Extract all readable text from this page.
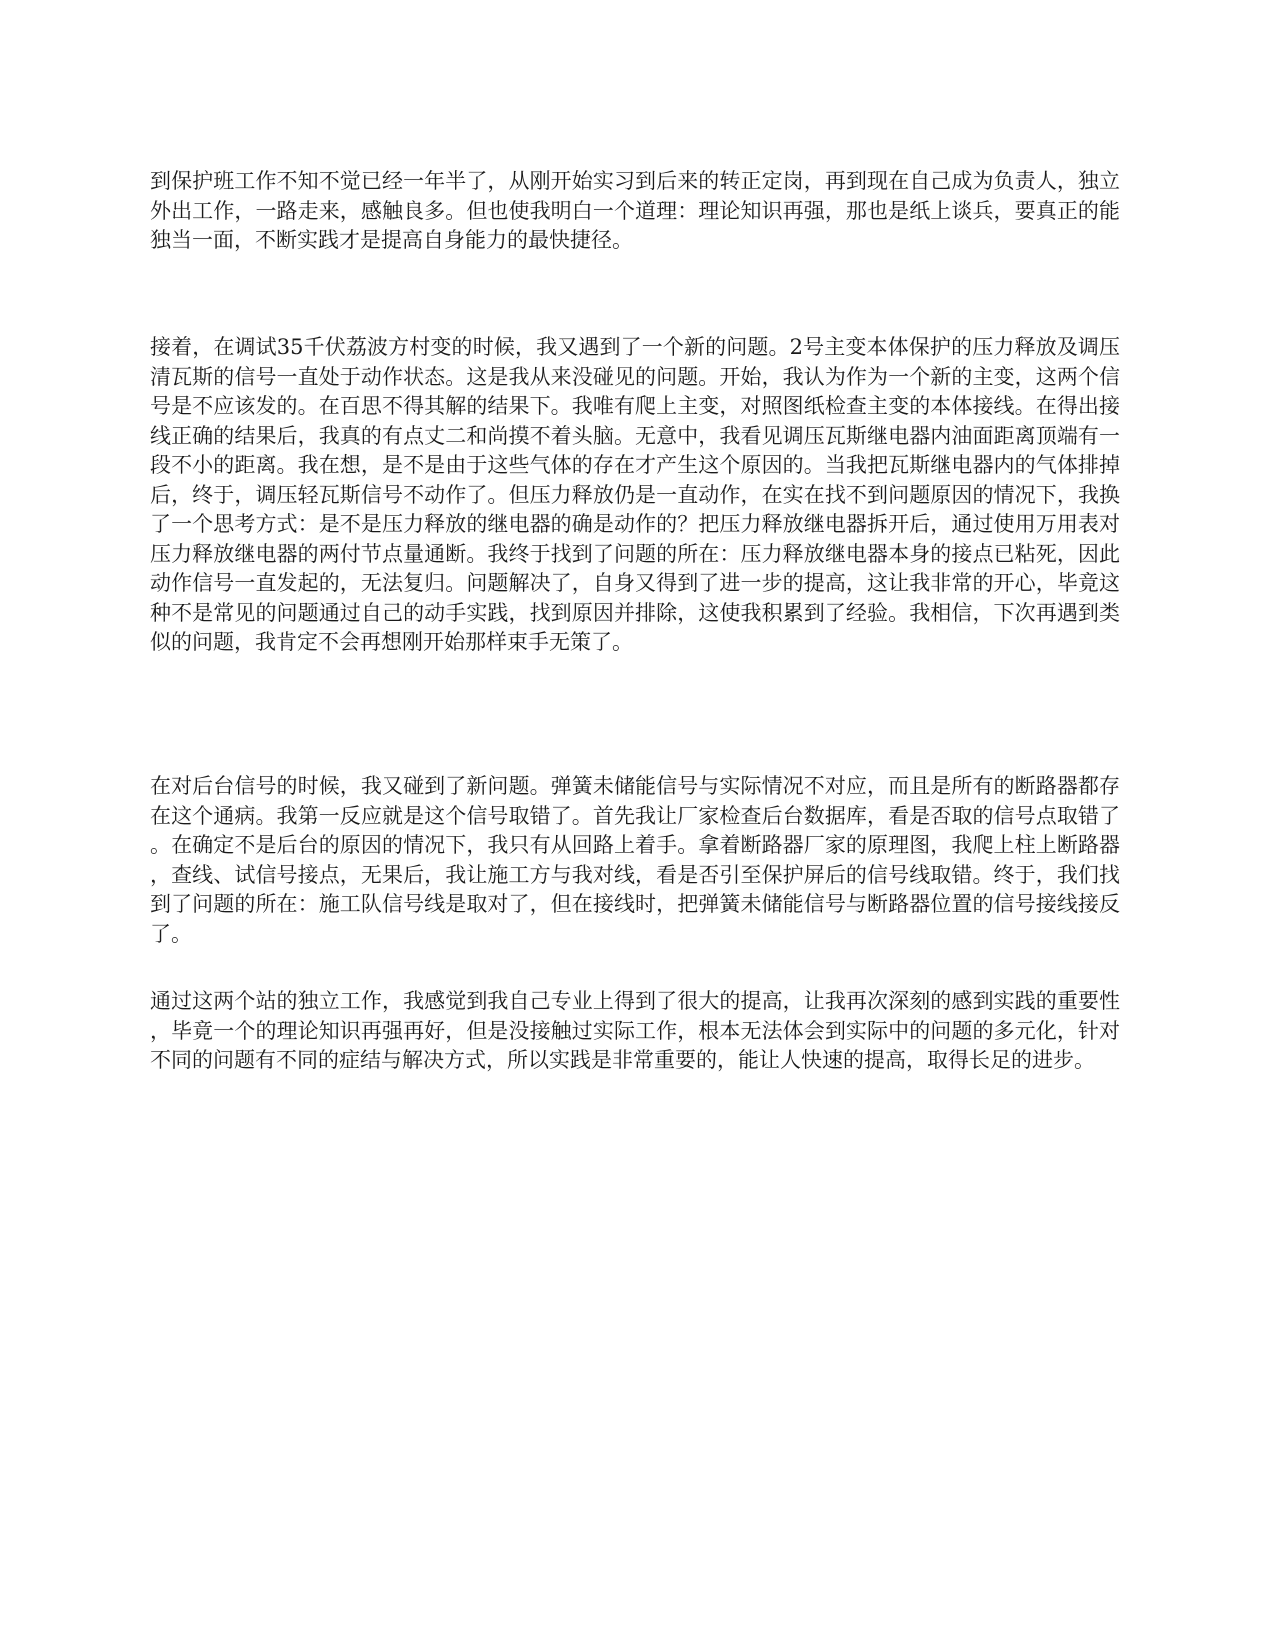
到保护班工作不知不觉已经一年半了，从刚开始实习到后来的转正定岗，再到现在自己成为负责人，独立外出工作，一路走来，感触良多。但也使我明白一个道理：理论知识再强，那也是纸上谈兵，要真正的能独当一面，不断实践才是提高自身能力的最快捷径。

接着，在调试35千伏荔波方村变的时候，我又遇到了一个新的问题。2号主变本体保护的压力释放及调压清瓦斯的信号一直处于动作状态。这是我从来没碰见的问题。开始，我认为作为一个新的主变，这两个信号是不应该发的。在百思不得其解的结果下。我唯有爬上主变，对照图纸检查主变的本体接线。在得出接线正确的结果后，我真的有点丈二和尚摸不着头脑。无意中，我看见调压瓦斯继电器内油面距离顶端有一段不小的距离。我在想，是不是由于这些气体的存在才产生这个原因的。当我把瓦斯继电器内的气体排掉后，终于，调压轻瓦斯信号不动作了。但压力释放仍是一直动作，在实在找不到问题原因的情况下，我换了一个思考方式：是不是压力释放的继电器的确是动作的？把压力释放继电器拆开后，通过使用万用表对压力释放继电器的两付节点量通断。我终于找到了问题的所在：压力释放继电器本身的接点已粘死，因此动作信号一直发起的，无法复归。问题解决了，自身又得到了进一步的提高，这让我非常的开心，毕竟这种不是常见的问题通过自己的动手实践，找到原因并排除，这使我积累到了经验。我相信，下次再遇到类似的问题，我肯定不会再想刚开始那样束手无策了。

在对后台信号的时候，我又碰到了新问题。弹簧未储能信号与实际情况不对应，而且是所有的断路器都存在这个通病。我第一反应就是这个信号取错了。首先我让厂家检查后台数据库，看是否取的信号点取错了。在确定不是后台的原因的情况下，我只有从回路上着手。拿着断路器厂家的原理图，我爬上柱上断路器，查线、试信号接点，无果后，我让施工方与我对线，看是否引至保护屏后的信号线取错。终于，我们找到了问题的所在：施工队信号线是取对了，但在接线时，把弹簧未储能信号与断路器位置的信号接线接反了。

通过这两个站的独立工作，我感觉到我自己专业上得到了很大的提高，让我再次深刻的感到实践的重要性，毕竟一个的理论知识再强再好，但是没接触过实际工作，根本无法体会到实际中的问题的多元化，针对不同的问题有不同的症结与解决方式，所以实践是非常重要的，能让人快速的提高，取得长足的进步。
